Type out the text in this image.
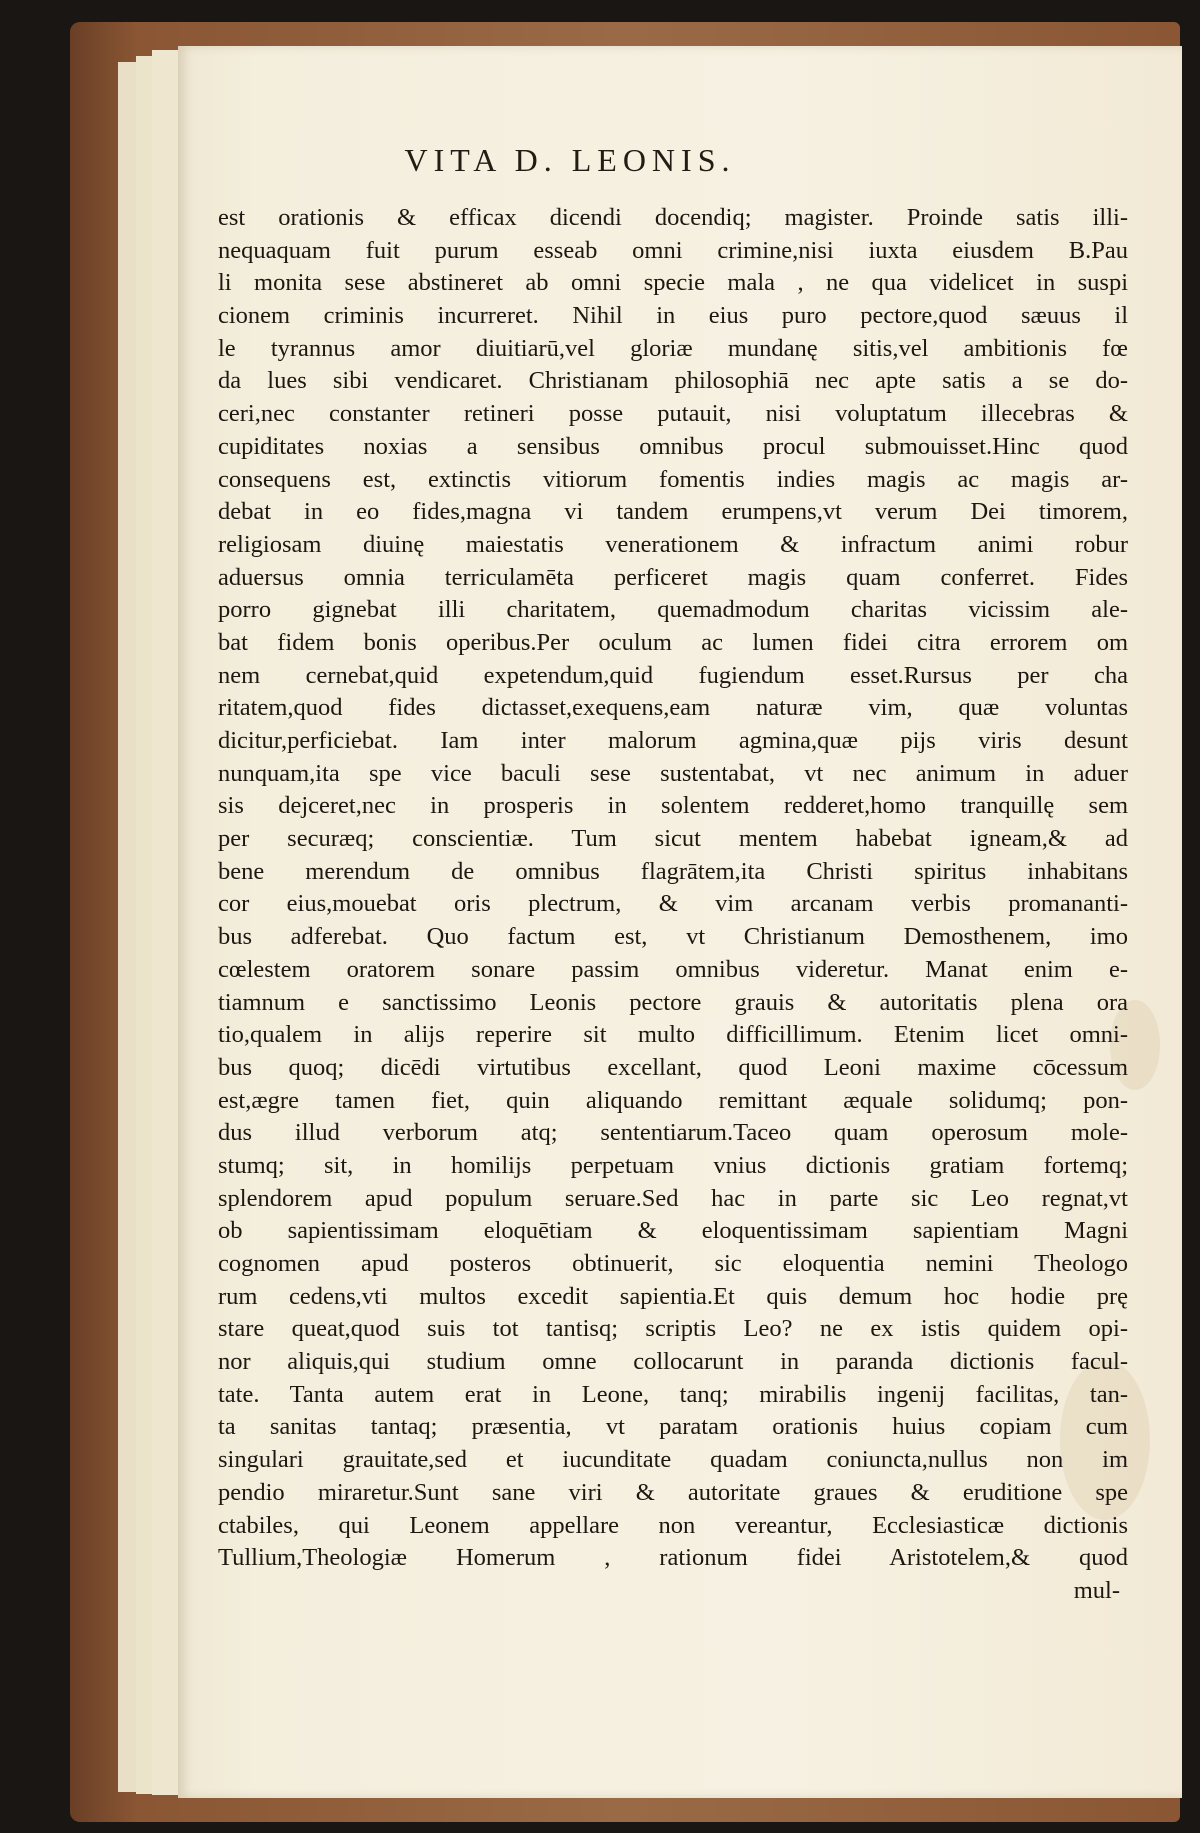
VITA D. LEONIS.
est orationis & efficax dicendi docendiq; magister. Proinde satis illi-
nequaquam fuit purum esseab omni crimine,nisi iuxta eiusdem B.Pau
li monita sese abstineret ab omni specie mala , ne qua videlicet in suspi
cionem criminis incurreret. Nihil in eius puro pectore,quod sæuus il
le tyrannus amor diuitiarū,vel gloriæ mundanę sitis,vel ambitionis fœ
da lues sibi vendicaret. Christianam philosophiā nec apte satis a se do-
ceri,nec constanter retineri posse putauit, nisi voluptatum illecebras &
cupiditates noxias a sensibus omnibus procul submouisset.Hinc quod
consequens est, extinctis vitiorum fomentis indies magis ac magis ar-
debat in eo fides,magna vi tandem erumpens,vt verum Dei timorem,
religiosam diuinę maiestatis venerationem & infractum animi robur
aduersus omnia terriculamēta perficeret magis quam conferret. Fides
porro gignebat illi charitatem, quemadmodum charitas vicissim ale-
bat fidem bonis operibus.Per oculum ac lumen fidei citra errorem om
nem cernebat,quid expetendum,quid fugiendum esset.Rursus per cha
ritatem,quod fides dictasset,exequens,eam naturæ vim, quæ voluntas
dicitur,perficiebat. Iam inter malorum agmina,quæ pijs viris desunt
nunquam,ita spe vice baculi sese sustentabat, vt nec animum in aduer
sis dejceret,nec in prosperis in solentem redderet,homo tranquillę sem
per securæq; conscientiæ. Tum sicut mentem habebat igneam,& ad
bene merendum de omnibus flagrātem,ita Christi spiritus inhabitans
cor eius,mouebat oris plectrum, & vim arcanam verbis promananti-
bus adferebat. Quo factum est, vt Christianum Demosthenem, imo
cœlestem oratorem sonare passim omnibus videretur. Manat enim e-
tiamnum e sanctissimo Leonis pectore grauis & autoritatis plena ora
tio,qualem in alijs reperire sit multo difficillimum. Etenim licet omni-
bus quoq; dicēdi virtutibus excellant, quod Leoni maxime cōcessum
est,ægre tamen fiet, quin aliquando remittant æquale solidumq; pon-
dus illud verborum atq; sententiarum.Taceo quam operosum mole-
stumq; sit, in homilijs perpetuam vnius dictionis gratiam fortemq;
splendorem apud populum seruare.Sed hac in parte sic Leo regnat,vt
ob sapientissimam eloquētiam & eloquentissimam sapientiam Magni
cognomen apud posteros obtinuerit, sic eloquentia nemini Theologo
rum cedens,vti multos excedit sapientia.Et quis demum hoc hodie prę
stare queat,quod suis tot tantisq; scriptis Leo? ne ex istis quidem opi-
nor aliquis,qui studium omne collocarunt in paranda dictionis facul-
tate. Tanta autem erat in Leone, tanq; mirabilis ingenij facilitas, tan-
ta sanitas tantaq; præsentia, vt paratam orationis huius copiam cum
singulari grauitate,sed et iucunditate quadam coniuncta,nullus non im
pendio miraretur.Sunt sane viri & autoritate graues & eruditione spe
ctabiles, qui Leonem appellare non vereantur, Ecclesiasticæ dictionis
Tullium,Theologiæ Homerum , rationum fidei Aristotelem,& quod
mul-
